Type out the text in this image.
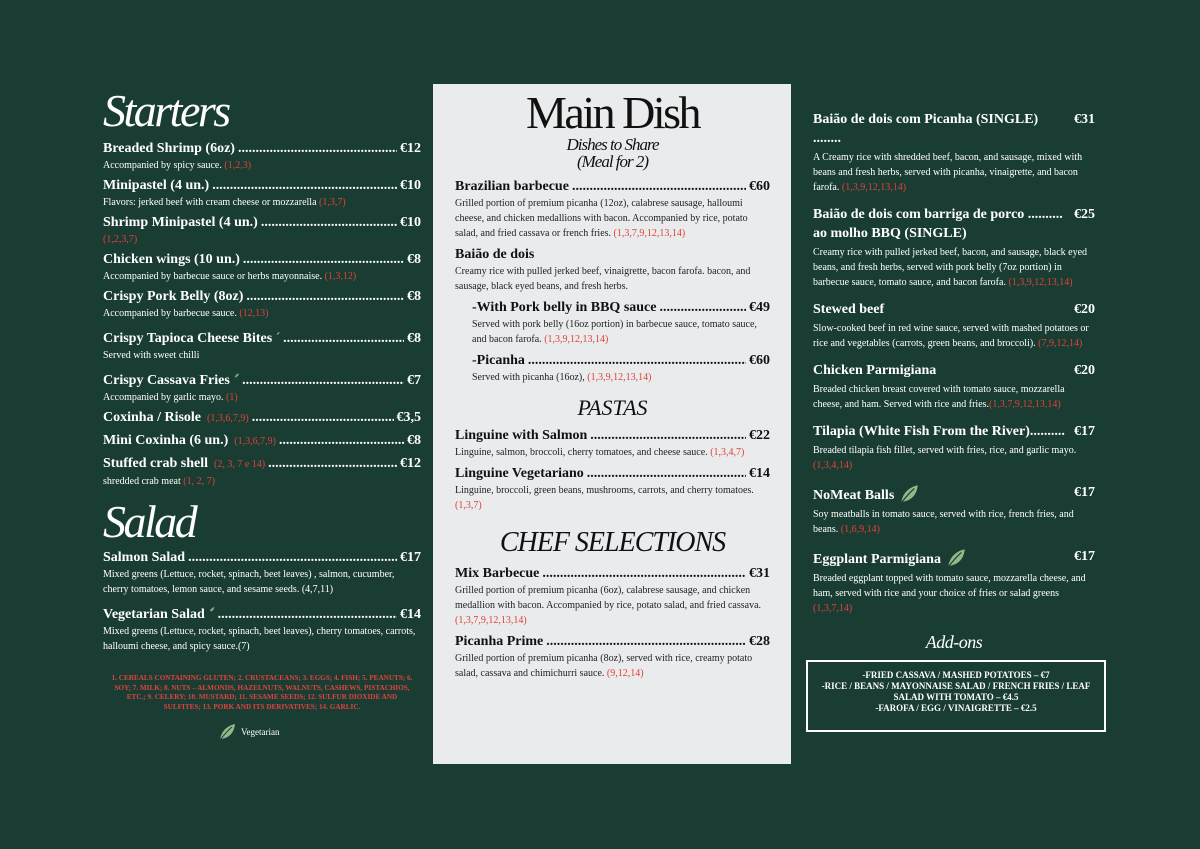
Starters
Breaded Shrimp (6oz) .....	€12
Accompanied by spicy sauce. (1,2,3)
Minipastel (4 un.) .....	€10
Flavors: jerked beef with cream cheese or mozzarella (1,3,7)
Shrimp Minipastel (4 un.) .....	€10
(1,2,3,7)
Chicken wings (10 un.) .....	€8
Accompanied by barbecue sauce or herbs mayonnaise. (1,3,12)
Crispy Pork Belly (8oz) .....	€8
Accompanied by barbecue sauce. (12,13)
Crispy Tapioca Cheese Bites .....	€8
Served with sweet chilli
Crispy Cassava Fries .....	€7
Accompanied by garlic mayo. (1)
Coxinha / Risole (1,3,6,7,9) .....	€3,5
Mini Coxinha (6 un.) (1,3,6,7,9) .....	€8
Stuffed crab shell (2, 3, 7 e 14) .....	€12
shredded crab meat (1, 2, 7)
Salad
Salmon Salad .....	€17
Mixed greens (Lettuce, rocket, spinach, beet leaves) , salmon, cucumber, cherry tomatoes, lemon sauce, and sesame seeds. (4,7,11)
Vegetarian Salad .....	€14
Mixed greens (Lettuce, rocket, spinach, beet leaves), cherry tomatoes, carrots, halloumi cheese, and spicy sauce.(7)
1. CEREALS CONTAINING GLUTEN; 2. CRUSTACEANS; 3. EGGS; 4. FISH; 5. PEANUTS; 6. SOY; 7. MILK; 8. NUTS – ALMONDS, HAZELNUTS, WALNUTS, CASHEWS, PISTACHIOS, ETC.; 9. CELERY; 10. MUSTARD; 11. SESAME SEEDS; 12. SULFUR DIOXIDE AND SULFITES; 13. PORK AND ITS DERIVATIVES; 14. GARLIC.
Vegetarian
Main Dish
Dishes to Share
(Meal for 2)
Brazilian barbecue .....	€60
Grilled portion of premium picanha (12oz), calabrese sausage, halloumi cheese, and chicken medallions with bacon. Accompanied by rice, potato salad, and fried cassava or french fries. (1,3,7,9,12,13,14)
Baião de dois
Creamy rice with pulled jerked beef, vinaigrette, bacon farofa. bacon, and sausage, black eyed beans, and fresh herbs.
-With Pork belly in BBQ sauce .....	€49
Served with pork belly (16oz portion) in barbecue sauce, tomato sauce, and bacon farofa. (1,3,9,12,13,14)
-Picanha .....	€60
Served with picanha (16oz), (1,3,9,12,13,14)
PASTAS
Linguine with Salmon .....	€22
Linguine, salmon, broccoli, cherry tomatoes, and cheese sauce. (1,3,4,7)
Linguine Vegetariano .....	€14
Linguine, broccoli, green beans, mushrooms, carrots, and cherry tomatoes. (1,3,7)
CHEF SELECTIONS
Mix Barbecue .....	€31
Grilled portion of premium picanha (6oz), calabrese sausage, and chicken medallion with bacon. Accompanied by rice, potato salad, and fried cassava. (1,3,7,9,12,13,14)
Picanha Prime .....	€28
Grilled portion of premium picanha (8oz), served with rice, creamy potato salad, cassava and chimichurri sauce. (9,12,14)
Baião de dois com Picanha (SINGLE) ........
€31
A Creamy rice with shredded beef, bacon, and sausage, mixed with beans and fresh herbs, served with picanha, vinaigrette, and bacon farofa. (1,3,9,12,13,14)
Baião de dois com barriga de porco .......... ao molho BBQ (SINGLE)
€25
Creamy rice with pulled jerked beef, bacon, and sausage, black eyed beans, and fresh herbs, served with pork belly (7oz portion) in barbecue sauce, tomato sauce, and bacon farofa. (1,3,9,12,13,14)
Stewed beef	€20
Slow-cooked beef in red wine sauce, served with mashed potatoes or rice and vegetables (carrots, green beans, and broccoli). (7,9,12,14)
Chicken Parmigiana	€20
Breaded chicken breast covered with tomato sauce, mozzarella cheese, and ham. Served with rice and fries.(1,3,7,9,12,13,14)
Tilapia (White Fish From the River).......... €17
Breaded tilapia fish fillet, served with fries, rice, and garlic mayo. (1,3,4,14)
NoMeat Balls	€17
Soy meatballs in tomato sauce, served with rice, french fries, and beans. (1,6,9,14)
Eggplant Parmigiana	€17
Breaded eggplant topped with tomato sauce, mozzarella cheese, and ham, served with rice and your choice of fries or salad greens (1,3,7,14)
Add-ons
-FRIED CASSAVA / MASHED POTATOES – €7
-RICE / BEANS / MAYONNAISE SALAD / FRENCH FRIES / LEAF SALAD WITH TOMATO – €4.5
-FAROFA / EGG / VINAIGRETTE – €2.5
